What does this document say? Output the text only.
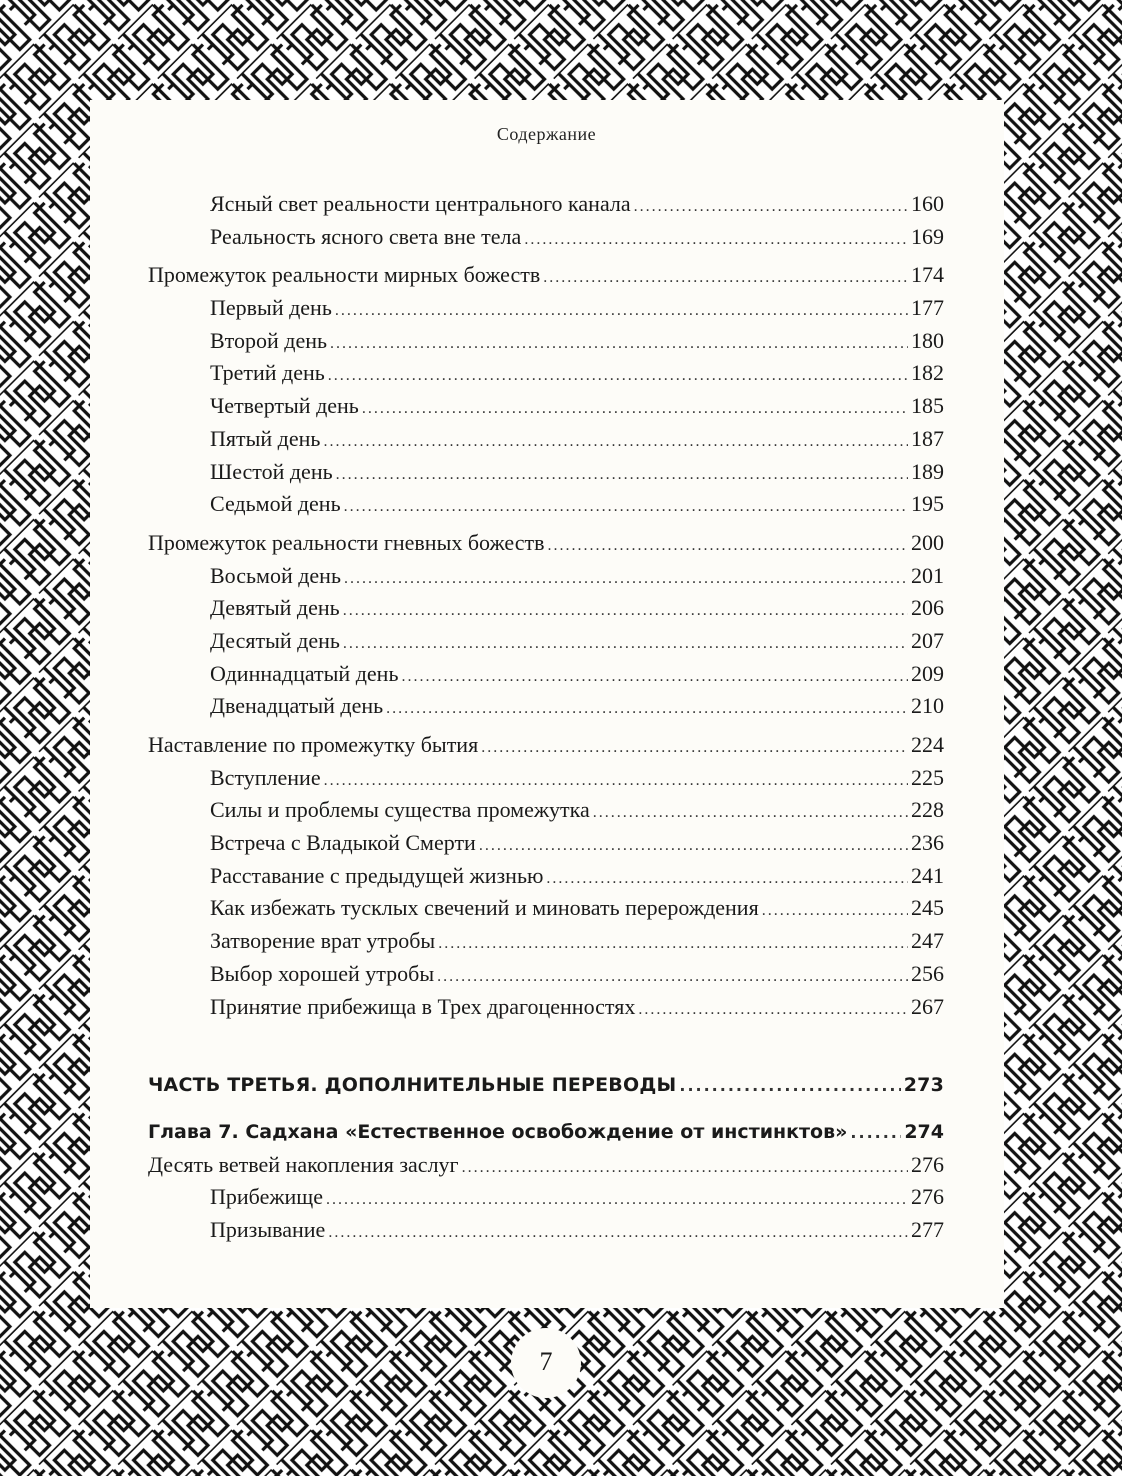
Содержание
Ясный свет реальности центрального канала .....	160
Реальность ясного света вне тела .....	169
Промежуток реальности мирных божеств .....	174
Первый день .....	177
Второй день .....	180
Третий день .....	182
Четвертый день .....	185
Пятый день .....	187
Шестой день .....	189
Седьмой день .....	195
Промежуток реальности гневных божеств .....	200
Восьмой день .....	201
Девятый день .....	206
Десятый день .....	207
Одиннадцатый день .....	209
Двенадцатый день .....	210
Наставление по промежутку бытия .....	224
Вступление .....	225
Силы и проблемы существа промежутка .....	228
Встреча с Владыкой Смерти .....	236
Расставание с предыдущей жизнью .....	241
Как избежать тусклых свечений и миновать перерождения .....	245
Затворение врат утробы .....	247
Выбор хорошей утробы .....	256
Принятие прибежища в Трех драгоценностях .....	267
ЧАСТЬ ТРЕТЬЯ. ДОПОЛНИТЕЛЬНЫЕ ПЕРЕВОДЫ .....	273
Глава 7. Садхана «Естественное освобождение от инстинктов» .....	274
Десять ветвей накопления заслуг .....	276
Прибежище .....	276
Призывание .....	277
7
